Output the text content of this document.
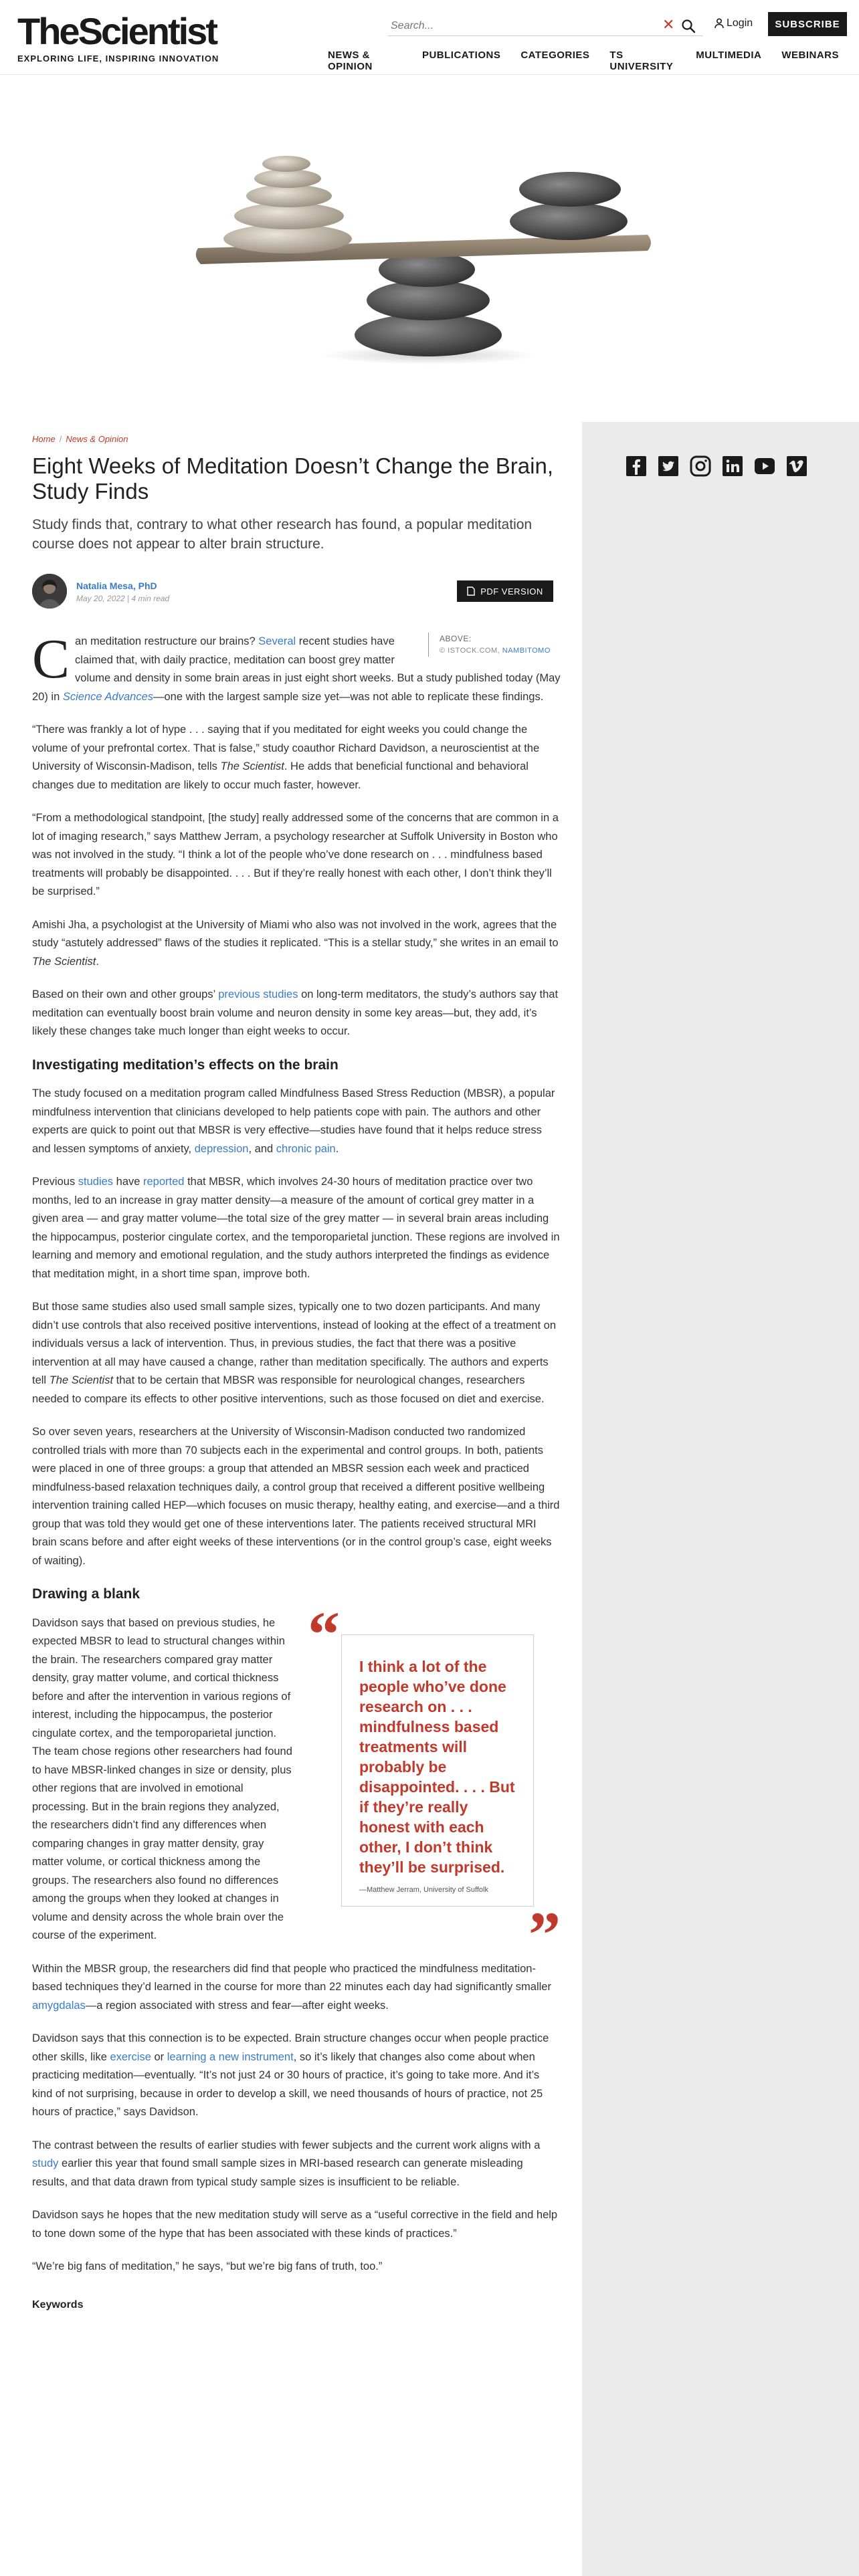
TheScientist
EXPLORING LIFE, INSPIRING INNOVATION
Search...
✕	Login	SUBSCRIBE
NEWS & OPINION
PUBLICATIONS CATEGORIES TS UNIVERSITY
MULTIMEDIA WEBINARS
Home / News & Opinion
Eight Weeks of Meditation Doesn’t Change the Brain, Study Finds
Study finds that, contrary to what other research has found, a popular meditation course does not appear to alter brain structure.
Natalia Mesa, PhD
May 20, 2022 | 4 min read
PDF VERSION
ABOVE:
© ISTOCK.COM, NAMBITOMO

Can meditation restructure our brains? Several recent studies have claimed that, with daily practice, meditation can boost grey matter volume and density in some brain areas in just eight short weeks. But a study published today (May 20) in Science Advances—one with the largest sample size yet—was not able to replicate these findings.

“There was frankly a lot of hype . . . saying that if you meditated for eight weeks you could change the volume of your prefrontal cortex. That is false,” study coauthor Richard Davidson, a neuroscientist at the University of Wisconsin-Madison, tells The Scientist. He adds that beneficial functional and behavioral changes due to meditation are likely to occur much faster, however.

“From a methodological standpoint, [the study] really addressed some of the concerns that are common in a lot of imaging research,” says Matthew Jerram, a psychology researcher at Suffolk University in Boston who was not involved in the study. “I think a lot of the people who’ve done research on . . . mindfulness based treatments will probably be disappointed. . . . But if they’re really honest with each other, I don’t think they’ll be surprised.”

Amishi Jha, a psychologist at the University of Miami who also was not involved in the work, agrees that the study “astutely addressed” flaws of the studies it replicated. “This is a stellar study,” she writes in an email to The Scientist.

Based on their own and other groups’ previous studies on long-term meditators, the study’s authors say that meditation can eventually boost brain volume and neuron density in some key areas—but, they add, it’s likely these changes take much longer than eight weeks to occur.

Investigating meditation’s effects on the brain

The study focused on a meditation program called Mindfulness Based Stress Reduction (MBSR), a popular mindfulness intervention that clinicians developed to help patients cope with pain. The authors and other experts are quick to point out that MBSR is very effective—studies have found that it helps reduce stress and lessen symptoms of anxiety, depression, and chronic pain.

Previous studies have reported that MBSR, which involves 24-30 hours of meditation practice over two months, led to an increase in gray matter density—a measure of the amount of cortical grey matter in a given area — and gray matter volume—the total size of the grey matter — in several brain areas including the hippocampus, posterior cingulate cortex, and the temporoparietal junction. These regions are involved in learning and memory and emotional regulation, and the study authors interpreted the findings as evidence that meditation might, in a short time span, improve both.

But those same studies also used small sample sizes, typically one to two dozen participants. And many didn’t use controls that also received positive interventions, instead of looking at the effect of a treatment on individuals versus a lack of intervention. Thus, in previous studies, the fact that there was a positive intervention at all may have caused a change, rather than meditation specifically. The authors and experts tell The Scientist that to be certain that MBSR was responsible for neurological changes, researchers needed to compare its effects to other positive interventions, such as those focused on diet and exercise.

So over seven years, researchers at the University of Wisconsin-Madison conducted two randomized controlled trials with more than 70 subjects each in the experimental and control groups. In both, patients were placed in one of three groups: a group that attended an MBSR session each week and practiced mindfulness-based relaxation techniques daily, a control group that received a different positive wellbeing intervention training called HEP—which focuses on music therapy, healthy eating, and exercise—and a third group that was told they would get one of these interventions later. The patients received structural MRI brain scans before and after eight weeks of these interventions (or in the control group’s case, eight weeks of waiting).

Drawing a blank
“ I think a lot of the people who’ve done research on . . . mindfulness based treatments will probably be disappointed. . . . But if they’re really honest with each other, I don’t think they’ll be surprised.
—Matthew Jerram, University of Suffolk
”

Davidson says that based on previous studies, he expected MBSR to lead to structural changes within the brain. The researchers compared gray matter density, gray matter volume, and cortical thickness before and after the intervention in various regions of interest, including the hippocampus, the posterior cingulate cortex, and the temporoparietal junction. The team chose regions other researchers had found to have MBSR-linked changes in size or density, plus other regions that are involved in emotional processing. But in the brain regions they analyzed, the researchers didn’t find any differences when comparing changes in gray matter density, gray matter volume, or cortical thickness among the groups. The researchers also found no differences among the groups when they looked at changes in volume and density across the whole brain over the course of the experiment.

Within the MBSR group, the researchers did find that people who practiced the mindfulness meditation-based techniques they’d learned in the course for more than 22 minutes each day had significantly smaller amygdalas—a region associated with stress and fear—after eight weeks.

Davidson says that this connection is to be expected. Brain structure changes occur when people practice other skills, like exercise or learning a new instrument, so it’s likely that changes also come about when practicing meditation—eventually. “It’s not just 24 or 30 hours of practice, it’s going to take more. And it’s kind of not surprising, because in order to develop a skill, we need thousands of hours of practice, not 25 hours of practice,” says Davidson.

The contrast between the results of earlier studies with fewer subjects and the current work aligns with a study earlier this year that found small sample sizes in MRI-based research can generate misleading results, and that data drawn from typical study sample sizes is insufficient to be reliable.

Davidson says he hopes that the new meditation study will serve as a “useful corrective in the field and help to tone down some of the hype that has been associated with these kinds of practices.”

“We’re big fans of meditation,” he says, “but we’re big fans of truth, too.”

Keywords
